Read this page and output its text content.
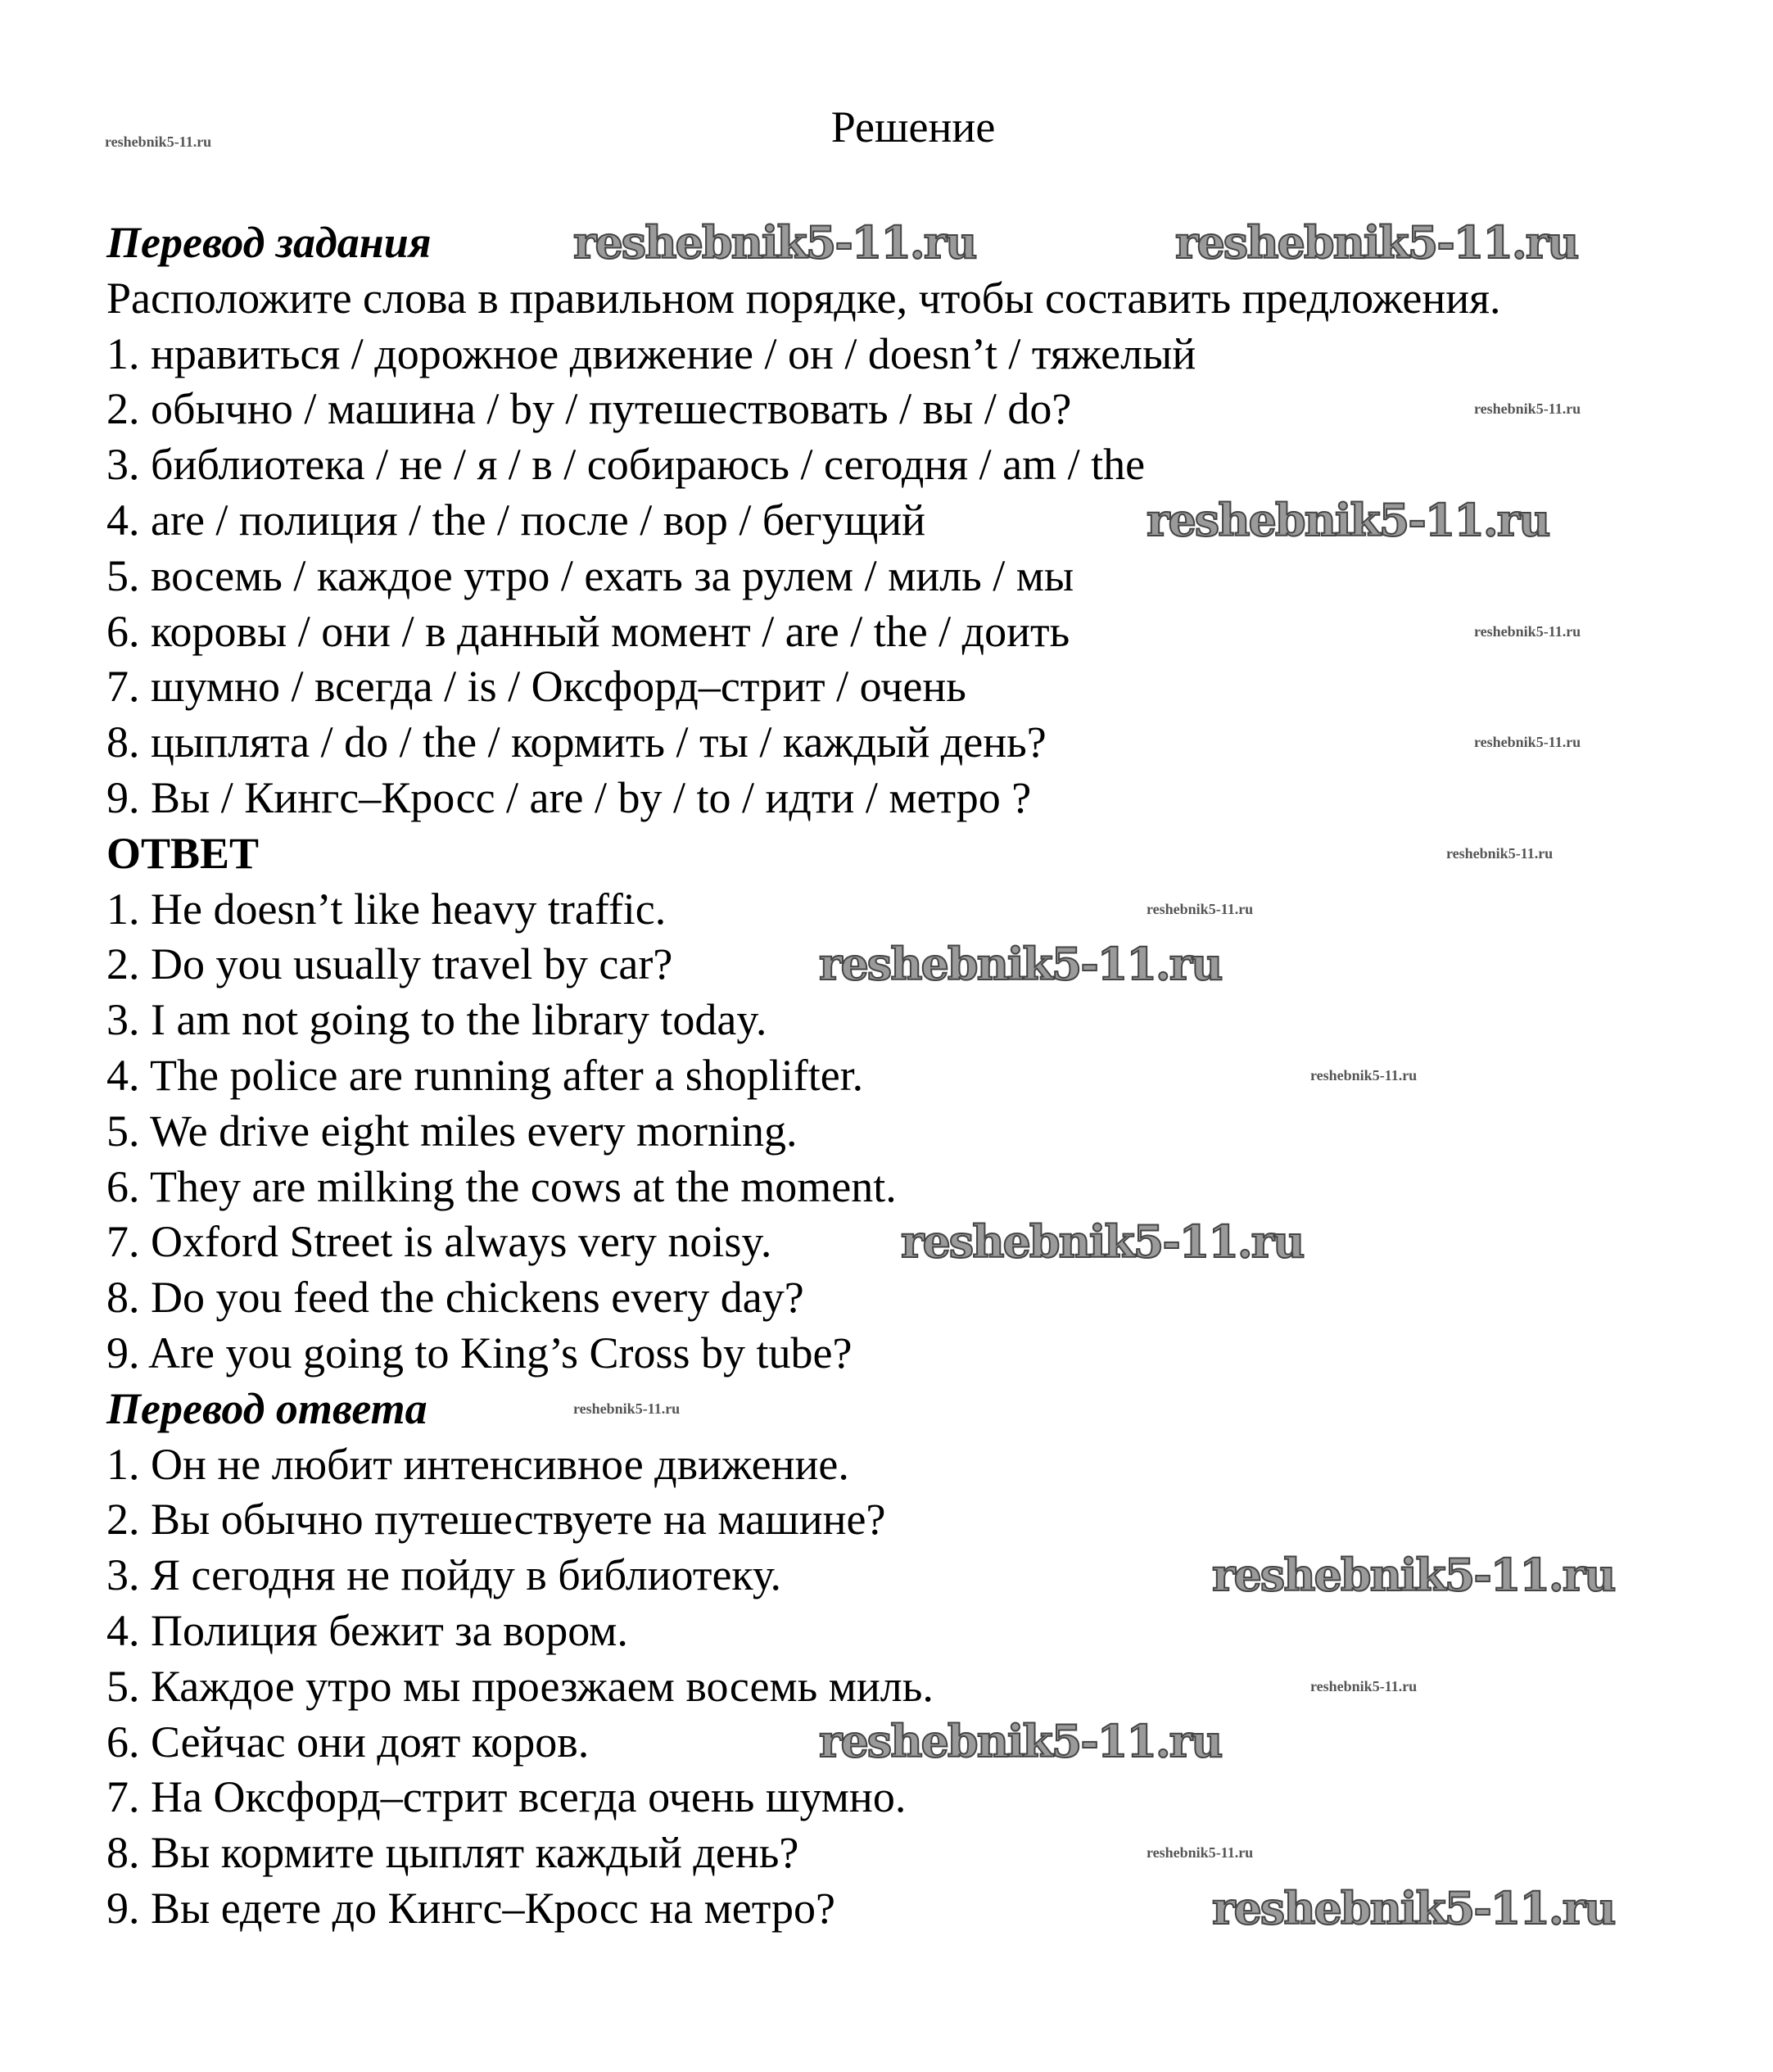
Решение
Перевод задания
Расположите слова в правильном порядке, чтобы составить предложения.
1. нравиться / дорожное движение / он / doesn’t / тяжелый
2. обычно / машина / by / путешествовать / вы / do?
3. библиотека / не / я / в / собираюсь / сегодня / am / the
4. are / полиция / the / после / вор / бегущий
5. восемь / каждое утро / ехать за рулем / миль / мы
6. коровы / они / в данный момент / are / the / доить
7. шумно / всегда / is / Оксфорд–стрит / очень
8. цыплята / do / the / кормить / ты / каждый день?
9. Вы / Кингс–Кросс / are / by / to / идти / метро ?
ОТВЕТ
1. He doesn’t like heavy traffic.
2. Do you usually travel by car?
3. I am not going to the library today.
4. The police are running after a shoplifter.
5. We drive eight miles every morning.
6. They are milking the cows at the moment.
7. Oxford Street is always very noisy.
8. Do you feed the chickens every day?
9. Are you going to King’s Cross by tube?
Перевод ответа
1. Он не любит интенсивное движение.
2. Вы обычно путешествуете на машине?
3. Я сегодня не пойду в библиотеку.
4. Полиция бежит за вором.
5. Каждое утро мы проезжаем восемь миль.
6. Сейчас они доят коров.
7. На Оксфорд–стрит всегда очень шумно.
8. Вы кормите цыплят каждый день?
9. Вы едете до Кингс–Кросс на метро?
reshebnik5-11.ru	reshebnik5-11.ru
reshebnik5-11.ru
reshebnik5-11.ru
reshebnik5-11.ru
reshebnik5-11.ru
reshebnik5-11.ru
reshebnik5-11.ru
reshebnik5-11.ru
reshebnik5-11.ru
reshebnik5-11.ru
reshebnik5-11.ru
reshebnik5-11.ru
reshebnik5-11.ru
reshebnik5-11.ru
reshebnik5-11.ru
reshebnik5-11.ru
reshebnik5-11.ru
